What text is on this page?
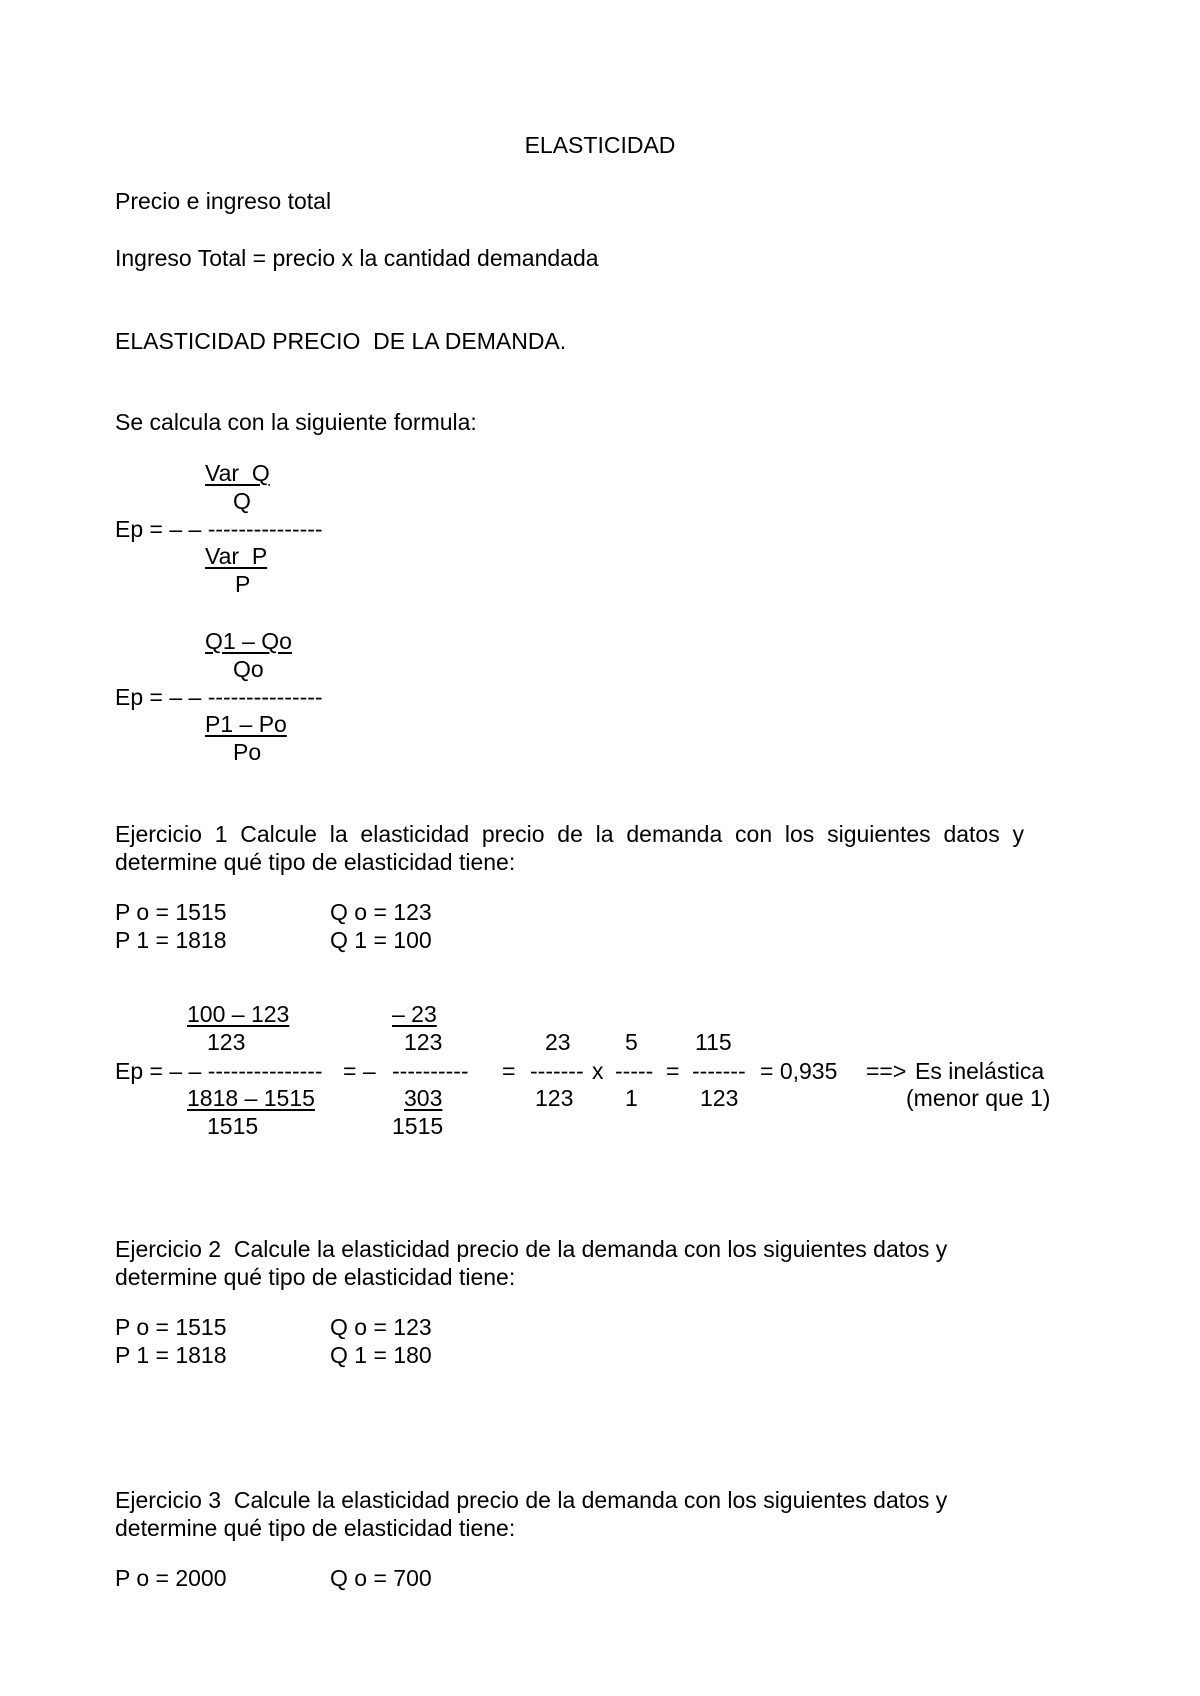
ELASTICIDAD
Precio e ingreso total
Ingreso Total = precio x la cantidad demandada
ELASTICIDAD PRECIO  DE LA DEMANDA.
Se calcula con la siguiente formula:
Var  Q
Q
Ep = – – ---------------
Var  P
P
Q1 – Qo
Qo
Ep = – – ---------------
P1 – Po
Po
Ejercicio  1  Calcule  la  elasticidad  precio  de  la  demanda  con  los  siguientes  datos  y
determine qué tipo de elasticidad tiene:
P o = 1515	Q o = 123
P 1 = 1818	Q 1 = 100
100 – 123
123
Ep = – – ---------------
1818 – 1515
1515
= –
– 23
123
----------
303
1515
=
23
-------
123
x
5
-----
1
=
115
-------
123
= 0,935 ==> Es inelástica
(menor que 1)
Ejercicio 2  Calcule la elasticidad precio de la demanda con los siguientes datos y
determine qué tipo de elasticidad tiene:
P o = 1515	Q o = 123
P 1 = 1818	Q 1 = 180
Ejercicio 3  Calcule la elasticidad precio de la demanda con los siguientes datos y
determine qué tipo de elasticidad tiene:
P o = 2000	Q o = 700
